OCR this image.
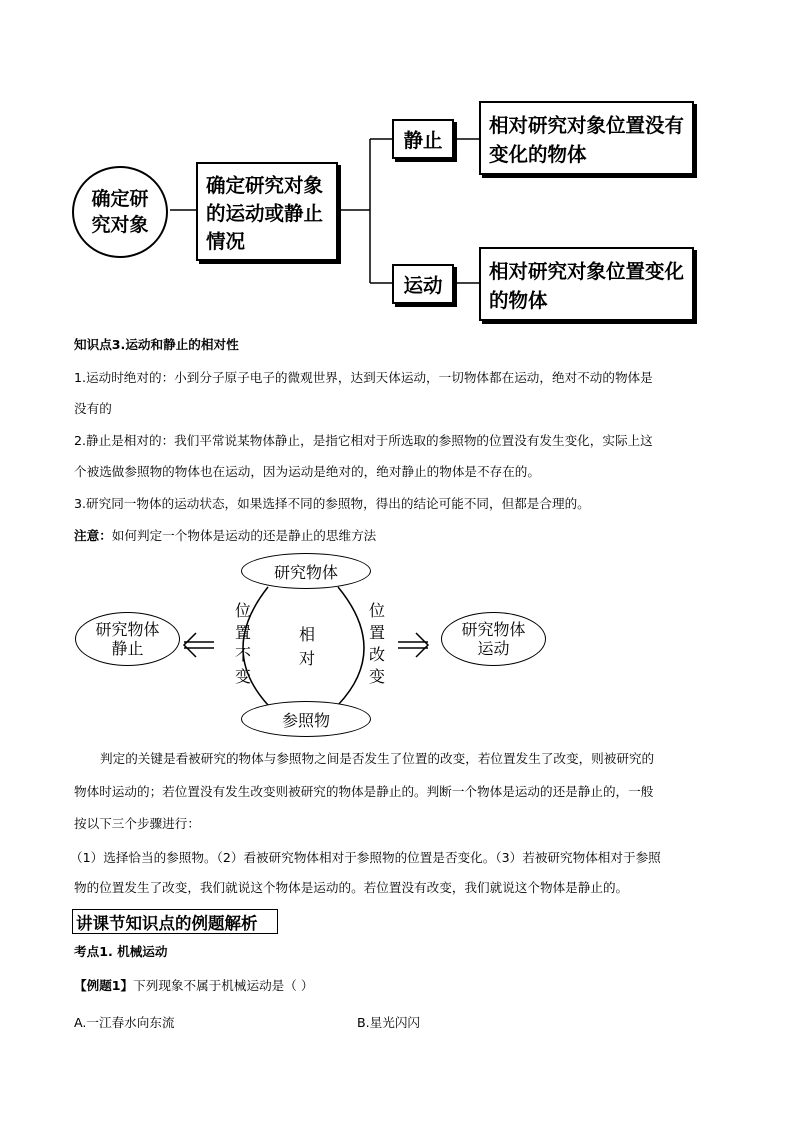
确定研究对象
确定研究对象的运动或静止情况
静止
相对研究对象位置没有变化的物体
运动
相对研究对象位置变化的物体
知识点3.运动和静止的相对性
1.运动时绝对的：小到分子原子电子的微观世界，达到天体运动，一切物体都在运动，绝对不动的物体是
没有的
2.静止是相对的：我们平常说某物体静止，是指它相对于所选取的参照物的位置没有发生变化，实际上这
个被选做参照物的物体也在运动，因为运动是绝对的，绝对静止的物体是不存在的。
3.研究同一物体的运动状态，如果选择不同的参照物，得出的结论可能不同，但都是合理的。
注意：如何判定一个物体是运动的还是静止的思维方法
研究物体
参照物
研究物体静止
研究物体运动
位置不变
相对
位置改变
判定的关键是看被研究的物体与参照物之间是否发生了位置的改变，若位置发生了改变，则被研究的
物体时运动的；若位置没有发生改变则被研究的物体是静止的。判断一个物体是运动的还是静止的，一般
按以下三个步骤进行：
（1）选择恰当的参照物。（2）看被研究物体相对于参照物的位置是否变化。（3）若被研究物体相对于参照
物的位置发生了改变，我们就说这个物体是运动的。若位置没有改变，我们就说这个物体是静止的。
讲课节知识点的例题解析
考点1. 机械运动
【例题1】下列现象不属于机械运动是（ ）
A.一江春水向东流	B.星光闪闪
